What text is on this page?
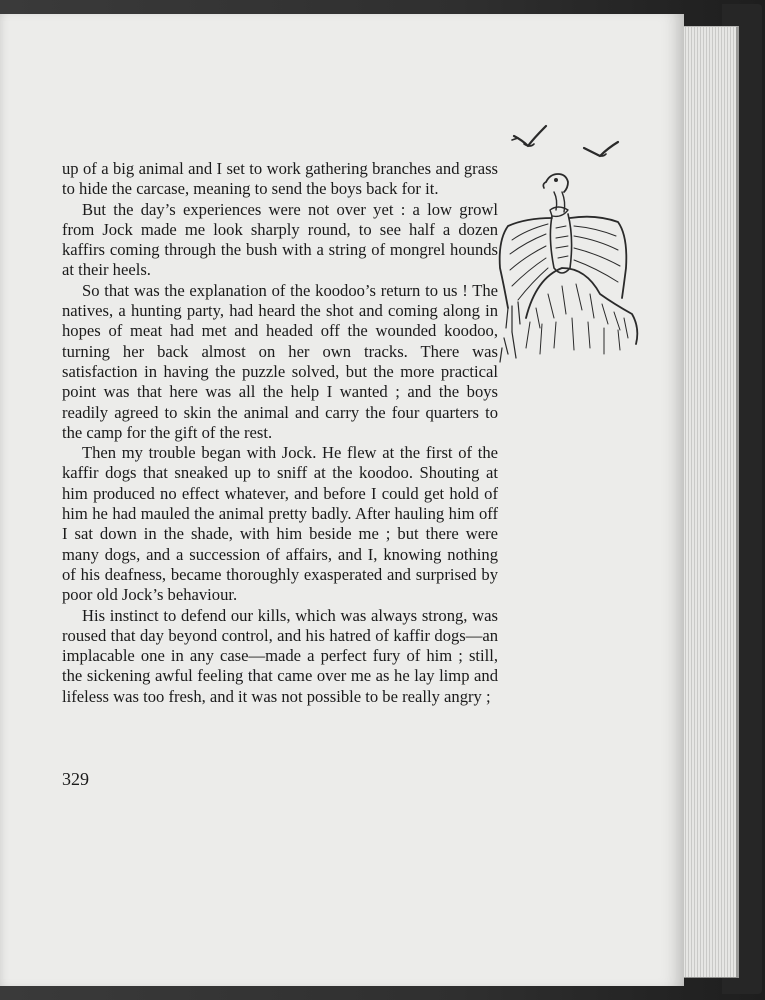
up of a big animal and I set to work gathering branches and grass to hide the carcase, meaning to send the boys back for it.

But the day’s experiences were not over yet : a low growl from Jock made me look sharply round, to see half a dozen kaffirs coming through the bush with a string of mongrel hounds at their heels.

So that was the explanation of the koodoo’s return to us ! The natives, a hunting party, had heard the shot and coming along in hopes of meat had met and headed off the wounded koodoo, turning her back almost on her own tracks. There was satisfaction in having the puzzle solved, but the more practical point was that here was all the help I wanted ; and the boys readily agreed to skin the animal and carry the four quarters to the camp for the gift of the rest.

Then my trouble began with Jock. He flew at the first of the kaffir dogs that sneaked up to sniff at the koodoo. Shouting at him produced no effect whatever, and before I could get hold of him he had mauled the animal pretty badly. After hauling him off I sat down in the shade, with him beside me ; but there were many dogs, and a succession of affairs, and I, knowing nothing of his deafness, became thoroughly exasperated and surprised by poor old Jock’s behaviour.

His instinct to defend our kills, which was always strong, was roused that day beyond control, and his hatred of kaffir dogs—an implacable one in any case—made a perfect fury of him ; still, the sickening awful feeling that came over me as he lay limp and lifeless was too fresh, and it was not possible to be really angry ;

329
